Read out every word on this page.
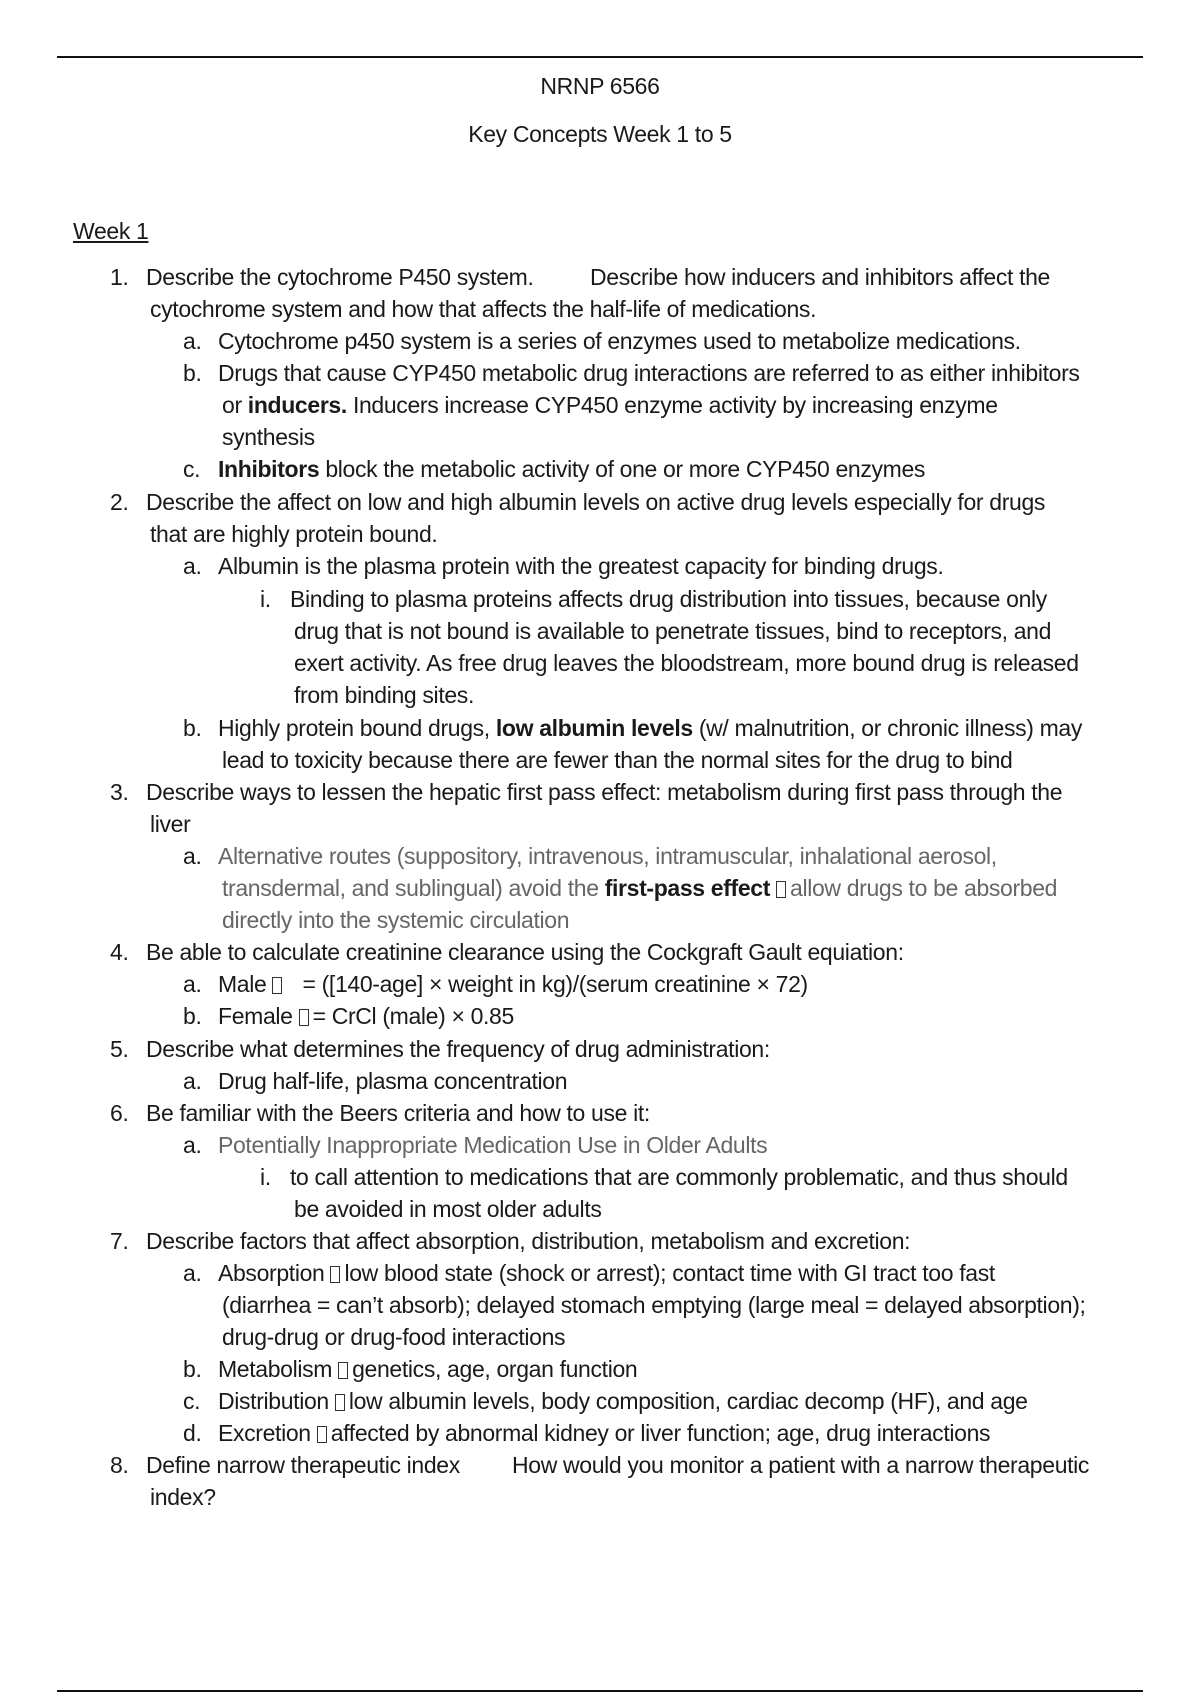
NRNP 6566
Key Concepts Week 1 to 5
Week 1
1. Describe the cytochrome P450 system. Describe how inducers and inhibitors affect the
cytochrome system and how that affects the half-life of medications.
a. Cytochrome p450 system is a series of enzymes used to metabolize medications.
b. Drugs that cause CYP450 metabolic drug interactions are referred to as either inhibitors
or inducers. Inducers increase CYP450 enzyme activity by increasing enzyme
synthesis
c. Inhibitors block the metabolic activity of one or more CYP450 enzymes
2. Describe the affect on low and high albumin levels on active drug levels especially for drugs
that are highly protein bound.
a. Albumin is the plasma protein with the greatest capacity for binding drugs.
i. Binding to plasma proteins affects drug distribution into tissues, because only
drug that is not bound is available to penetrate tissues, bind to receptors, and
exert activity. As free drug leaves the bloodstream, more bound drug is released
from binding sites.
b. Highly protein bound drugs, low albumin levels (w/ malnutrition, or chronic illness) may
lead to toxicity because there are fewer than the normal sites for the drug to bind
3. Describe ways to lessen the hepatic first pass effect: metabolism during first pass through the
liver
a. Alternative routes (suppository, intravenous, intramuscular, inhalational aerosol,
transdermal, and sublingual) avoid the first-pass effect allow drugs to be absorbed
directly into the systemic circulation
4. Be able to calculate creatinine clearance using the Cockgraft Gault equiation:
a. Male = ([140-age] × weight in kg)/(serum creatinine × 72)
b. Female = CrCl (male) × 0.85
5. Describe what determines the frequency of drug administration:
a. Drug half-life, plasma concentration
6. Be familiar with the Beers criteria and how to use it:
a. Potentially Inappropriate Medication Use in Older Adults
i. to call attention to medications that are commonly problematic, and thus should
be avoided in most older adults
7. Describe factors that affect absorption, distribution, metabolism and excretion:
a. Absorption low blood state (shock or arrest); contact time with GI tract too fast
(diarrhea = can’t absorb); delayed stomach emptying (large meal = delayed absorption);
drug-drug or drug-food interactions
b. Metabolism genetics, age, organ function
c. Distribution low albumin levels, body composition, cardiac decomp (HF), and age
d. Excretion affected by abnormal kidney or liver function; age, drug interactions
8. Define narrow therapeutic index How would you monitor a patient with a narrow therapeutic
index?
